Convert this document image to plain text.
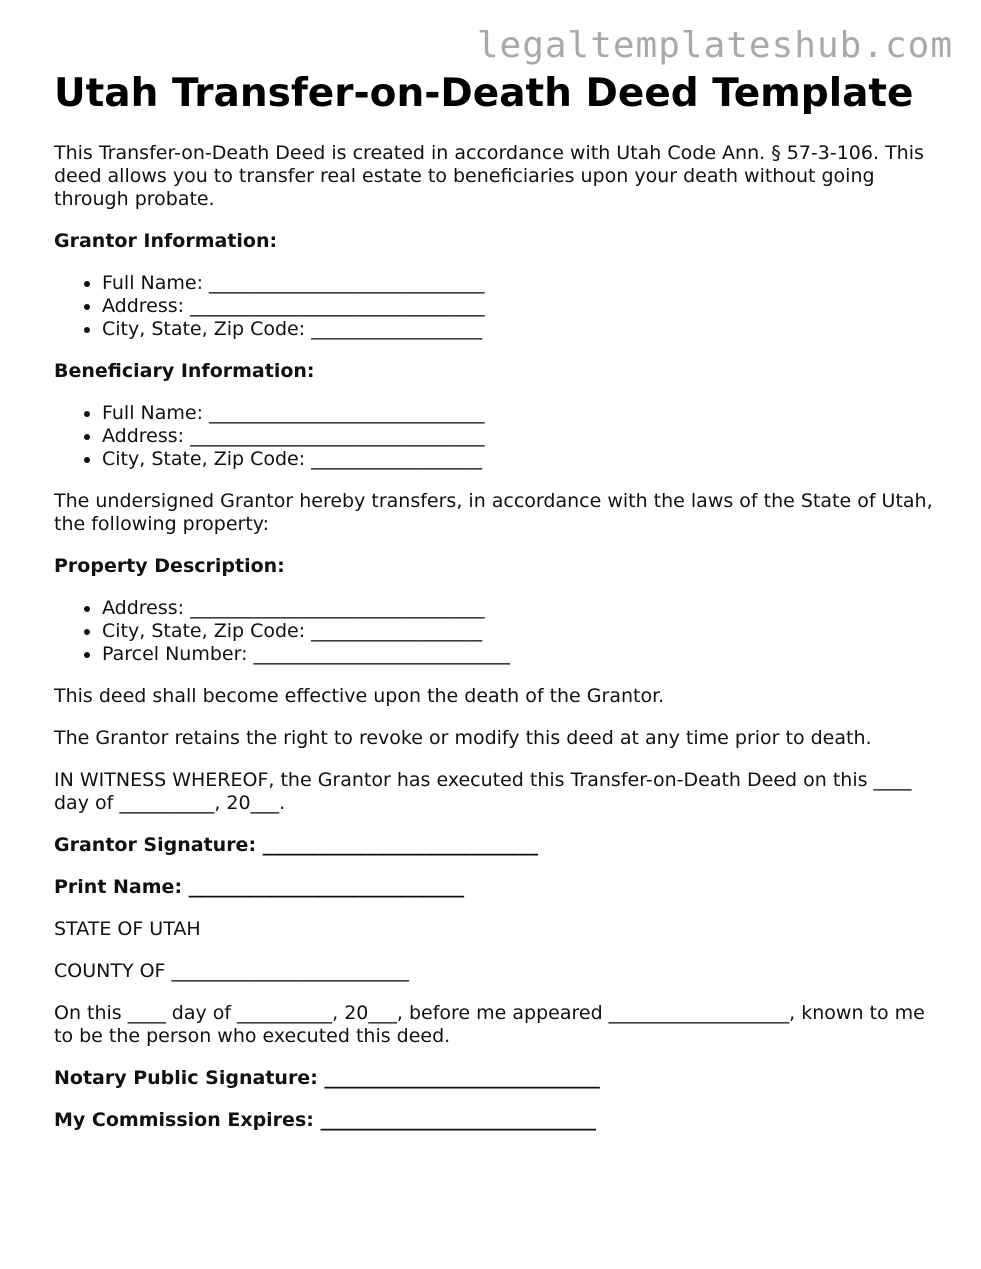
legaltemplateshub.com

Utah Transfer-on-Death Deed Template

This Transfer-on-Death Deed is created in accordance with Utah Code Ann. § 57-3-106. This deed allows you to transfer real estate to beneficiaries upon your death without going through probate.

Grantor Information:

• Full Name: _____________________________
• Address: _______________________________
• City, State, Zip Code: __________________

Beneficiary Information:

• Full Name: _____________________________
• Address: _______________________________
• City, State, Zip Code: __________________

The undersigned Grantor hereby transfers, in accordance with the laws of the State of Utah, the following property:

Property Description:

• Address: _______________________________
• City, State, Zip Code: __________________
• Parcel Number: ___________________________

This deed shall become effective upon the death of the Grantor.

The Grantor retains the right to revoke or modify this deed at any time prior to death.

IN WITNESS WHEREOF, the Grantor has executed this Transfer-on-Death Deed on this ____ day of __________, 20___.

Grantor Signature: _____________________________

Print Name: _____________________________

STATE OF UTAH

COUNTY OF _________________________

On this ____ day of __________, 20___, before me appeared ___________________, known to me to be the person who executed this deed.

Notary Public Signature: _____________________________

My Commission Expires: _____________________________
